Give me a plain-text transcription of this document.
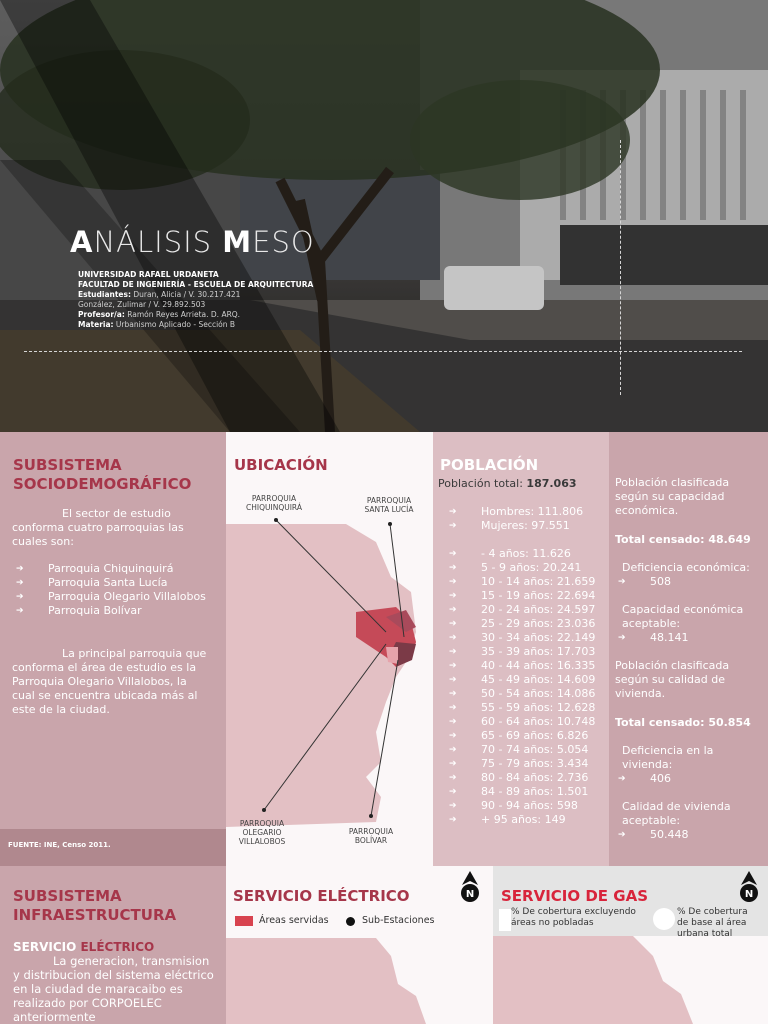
ANÁLISIS MESO
UNIVERSIDAD RAFAEL URDANETA
FACULTAD DE INGENIERÍA - ESCUELA DE ARQUITECTURA
Estudiantes: Duran, Alicia / V. 30.217.421
González, Zulimar / V. 29.892.503
Profesor/a: Ramón Reyes Arrieta. D. ARQ.
Materia: Urbanismo Aplicado - Sección B
SUBSISTEMA SOCIODEMOGRÁFICO
El sector de estudio conforma cuatro parroquias las cuales son:
➔ Parroquia Chiquinquirá
➔ Parroquia Santa Lucía
➔ Parroquia Olegario Villalobos
➔ Parroquia Bolívar
La principal parroquia que conforma el área de estudio es la Parroquia Olegario Villalobos, la cual se encuentra ubicada más al este de la ciudad.
FUENTE: INE, Censo 2011.
UBICACIÓN
PARROQUIA CHIQUINQUIRÁ
PARROQUIA SANTA LUCÍA
PARROQUIA OLEGARIO VILLALOBOS
PARROQUIA BOLÍVAR
POBLACIÓN
Población total: 187.063
➔ Hombres: 111.806
➔ Mujeres: 97.551
➔ - 4 años: 11.626
➔ 5 - 9 años: 20.241
➔ 10 - 14 años: 21.659
➔ 15 - 19 años: 22.694
➔ 20 - 24 años: 24.597
➔ 25 - 29 años: 23.036
➔ 30 - 34 años: 22.149
➔ 35 - 39 años: 17.703
➔ 40 - 44 años: 16.335
➔ 45 - 49 años: 14.609
➔ 50 - 54 años: 14.086
➔ 55 - 59 años: 12.628
➔ 60 - 64 años: 10.748
➔ 65 - 69 años: 6.826
➔ 70 - 74 años: 5.054
➔ 75 - 79 años: 3.434
➔ 80 - 84 años: 2.736
➔ 84 - 89 años: 1.501
➔ 90 - 94 años: 598
➔ + 95 años: 149
Población clasificada según su capacidad económica.
Total censado: 48.649
Deficiencia económica:
➔ 508
Capacidad económica aceptable:
➔ 48.141
Población clasificada según su calidad de vivienda.
Total censado: 50.854
Deficiencia en la vivienda:
➔ 406
Calidad de vivienda aceptable:
➔ 50.448
SUBSISTEMA INFRAESTRUCTURA
SERVICIO ELÉCTRICO
La generacion, transmision y distribucion del sistema eléctrico en la ciudad de maracaibo es realizado por CORPOELEC anteriormente
SERVICIO ELÉCTRICO
Áreas servidas	Sub-Estaciones
N SERVICIO DE GAS
% De cobertura excluyendo áreas no pobladas
% De cobertura de base al área urbana total
N
